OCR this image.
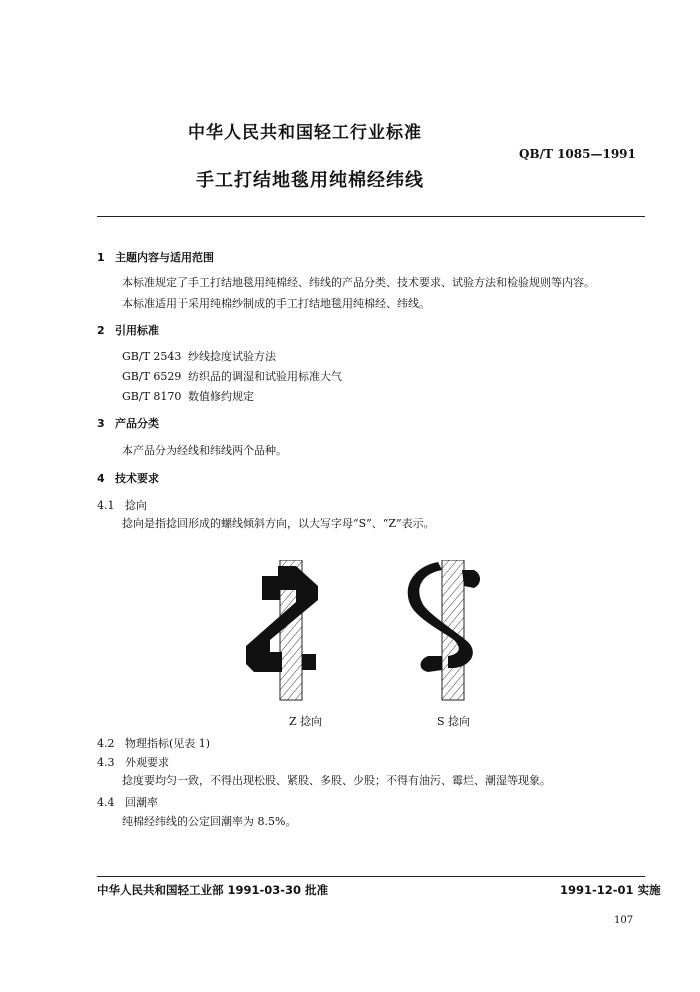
中华人民共和国轻工行业标准
QB/T 1085—1991
手工打结地毯用纯棉经纬线
1 主题内容与适用范围
本标准规定了手工打结地毯用纯棉经、纬线的产品分类、技术要求、试验方法和检验规则等内容。
本标准适用于采用纯棉纱制成的手工打结地毯用纯棉经、纬线。
2 引用标准
GB/T 2543 纱线捻度试验方法
GB/T 6529 纺织品的调湿和试验用标准大气
GB/T 8170 数值修约规定
3 产品分类
本产品分为经线和纬线两个品种。
4 技术要求
4.1 捻向
捻向是指捻回形成的螺线倾斜方向，以大写字母“S”、“Z”表示。
Z 捻向	S 捻向
4.2 物理指标(见表 1)
4.3 外观要求
捻度要均匀一致，不得出现松股、紧股、多股、少股；不得有油污、霉烂、潮湿等现象。
4.4 回潮率
纯棉经纬线的公定回潮率为 8.5%。
中华人民共和国轻工业部 1991-03-30 批准	1991-12-01 实施
107
